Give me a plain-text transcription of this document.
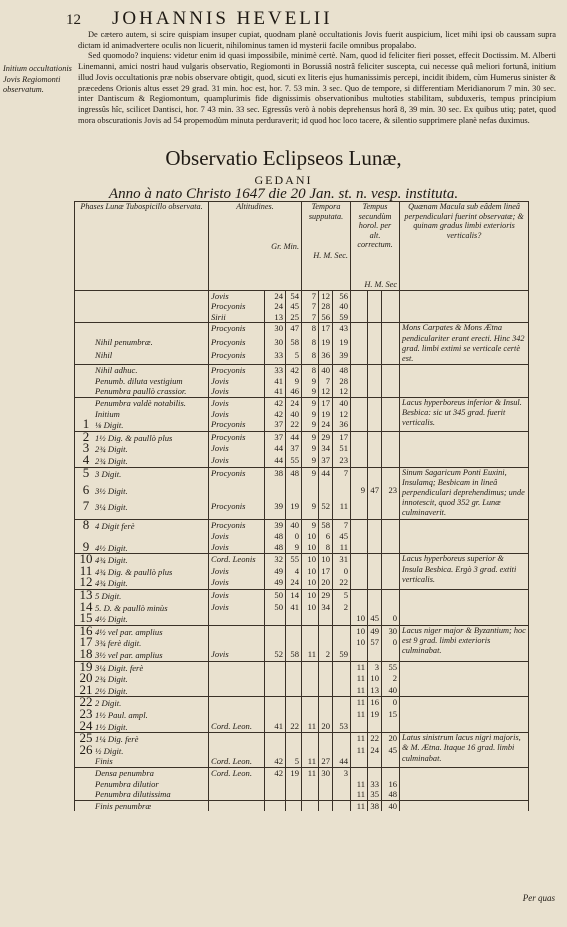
12 JOHANNIS HEVELII
Initium occultationis Jovis Regiomonti observatum.

De cætero autem, si scire quispiam insuper cupiat, quodnam planè occultationis Jovis fuerit auspicium, licet mihi ipsi ob caussam supra dictam id animadvertere oculis non licuerit, nihilominus tamen id mysterii facile omnibus propalabo.

Sed quomodo? inquiens: videtur enim id quasi impossibile, minimè certè. Nam, quod id feliciter fieri posset, effecit Doctissim. M. Alberti Linemanni, amici nostri haud vulgaris observatio, Regiomonti in Borussiâ nostrâ feliciter suscepta, cui necesse quâ meliori fortunâ, initium illud Jovis occultationis præ nobis observare obtigit, quod, sicuti ex literis ejus humanissimis percepi, incidit ibidem, cùm Humerus sinister & præcedens Orionis altus esset 29 grad. 31 min. hoc est, hor. 7. 53 min. 3 sec. Quo de tempore, si differentiam Meridianorum 7 min. 30 sec. inter Dantiscum & Regiomontum, quamplurimis fide dignissimis observationibus multoties stabilitam, subduxeris, tempus principium ingressûs hîc, scilicet Dantisci, hor. 7 43 min. 33 sec. Egressûs verò à nobis deprehensus horâ 8, 39 min. 30 sec. Ex quibus utiq; patet, quod mora obscurationis Jovis ad 54 propemodùm minuta perduraverit; id quod hoc loco tacere, & silentio supprimere planè nefas duximus.

Observatio Eclipseos Lunæ,
GEDANI
Anno à nato Christo 1647 die 20 Jan. st. n. vesp. instituta.
Phases Lunæ Tubospicillo observata.	Altitudines.
Gr. Min.			Tempora supputata.
H. M. Sec.			Tempus secundùm horol. per alt. correctum.
H. M. Sec			Quænam Macula sub eâdem lineâ perpendiculari fuerint observatæ; & quinam gradus limbi exterioris verticalis?
	Jovis	24	54	7	12	56				
	Procyonis	24	45	7	28	40				
	Sirii	13	25	7	56	59				
	Procyonis	30	47	8	17	43				Mons Carpates & Mons Ætna pendiculariter erant erecti. Hinc 342 grad. limbi extimi se verticale certè est.
Nihil penumbræ.	Procyonis	30	58	8	19	19				
Nihil	Procyonis	33	5	8	36	39				
Nihil adhuc.	Procyonis	33	42	8	40	48				
Penumb. diluta vestigium	Jovis	41	9	9	7	28				
Penumbra paullò crassior.	Jovis	41	46	9	12	12				
Penumbra valdè notabilis.	Jovis	42	24	9	17	40				Lacus hyperboreus inferior & Insul. Besbica: sic ut 345 grad. fuerit verticalis.
Initium	Jovis	42	40	9	19	12				
1 ⅛ Digit.	Procyonis	37	22	9	24	36				
2 1½ Dig. & paullò plus	Procyonis	37	44	9	29	17				
3 2¾ Digit.	Jovis	44	37	9	34	51				
4 2¾ Digit.	Jovis	44	55	9	37	23				
5 3 Digit.	Procyonis	38	48	9	44	7				Sinum Sagaricum Ponti Euxini, Insulamq; Besbicam in lineâ perpendiculari deprehendimus; unde innotescit, quod 352 gr. Lunæ culminaverit.
6 3½ Digit.							9	47	23	
7 3¼ Digit.	Procyonis	39	19	9	52	11				
8 4 Digit ferè	Procyonis	39	40	9	58	7				
	Jovis	48	0	10	6	45				
9 4½ Digit.	Jovis	48	9	10	8	11				
10 4¾ Digit.	Cord. Leonis	32	55	10	10	31				Lacus hyperboreus superior & Insula Besbica. Ergò 3 grad. extiti verticalis.
11 4¾ Dig. & paullò plus	Jovis	49	4	10	17	0				
12 4¾ Digit.	Jovis	49	24	10	20	22				
13 5 Digit.	Jovis	50	14	10	29	5				
14 5. D. & paullò minùs	Jovis	50	41	10	34	2				
15 4½ Digit.							10	45	0	
16 4½ vel par. amplius							10	49	30	Lacus niger major & Byzantium; hoc est 9 grad. limbi exterioris culminabat.
17 3¾ ferè digit.							10	57	0	
18 3½ vel par. amplius	Jovis	52	58	11	2	59				
19 3¼ Digit. ferè							11	3	55	
20 2¾ Digit.							11	10	2	
21 2½ Digit.							11	13	40	
22 2 Digit.							11	16	0	
23 1½ Paul. ampl.							11	19	15	
24 1½ Digit.	Cord. Leon.	41	22	11	20	53				
25 1¼ Dig. ferè							11	22	20	Latus sinistrum lacus nigri majoris, & M. Ætna. Itaque 16 grad. limbi culminabat.
26 ½ Digit.							11	24	45	
Finis	Cord. Leon.	42	5	11	27	44				
Densa penumbra	Cord. Leon.	42	19	11	30	3				
Penumbra dilutior							11	33	16	
Penumbra dilutissima							11	35	48	
Finis penumbræ							11	38	40	
Per quas
